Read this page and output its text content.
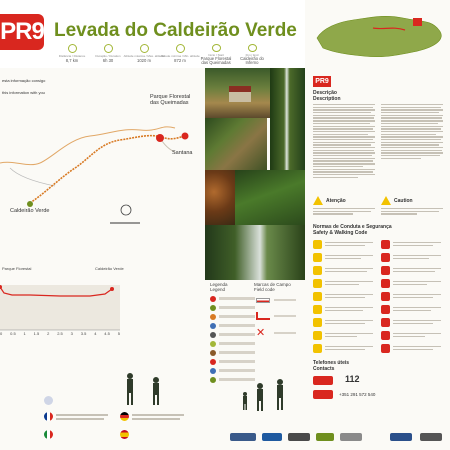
PR9 Levada do Caldeirão Verde
Distância / Distance
8,7 km
Duração / Duration
6h 30
Altitude máxima / Max. altitude
1020 m
Altitude mínima / Min. altitude
872 m
Início / Start
Parque Florestal das Queimadas
Fim / End
Caldeirão do Inferno
esta informação consigo
this information with you
Parque Florestal
das Queimadas
Santana
Caldeirão Verde
Parque Florestal	Caldeirão Verde
0 0.5 1 1.5 2 2.5 3 3.5 4 4.5 5
Legenda
Legend
Marcas de Campo
Field code
✕
PR9
Descrição
Description
Atenção	Caution
Normas de Conduta e Segurança
Safety & Walking Code
Telefones úteis
Contacts
112
+351 291 572 540
